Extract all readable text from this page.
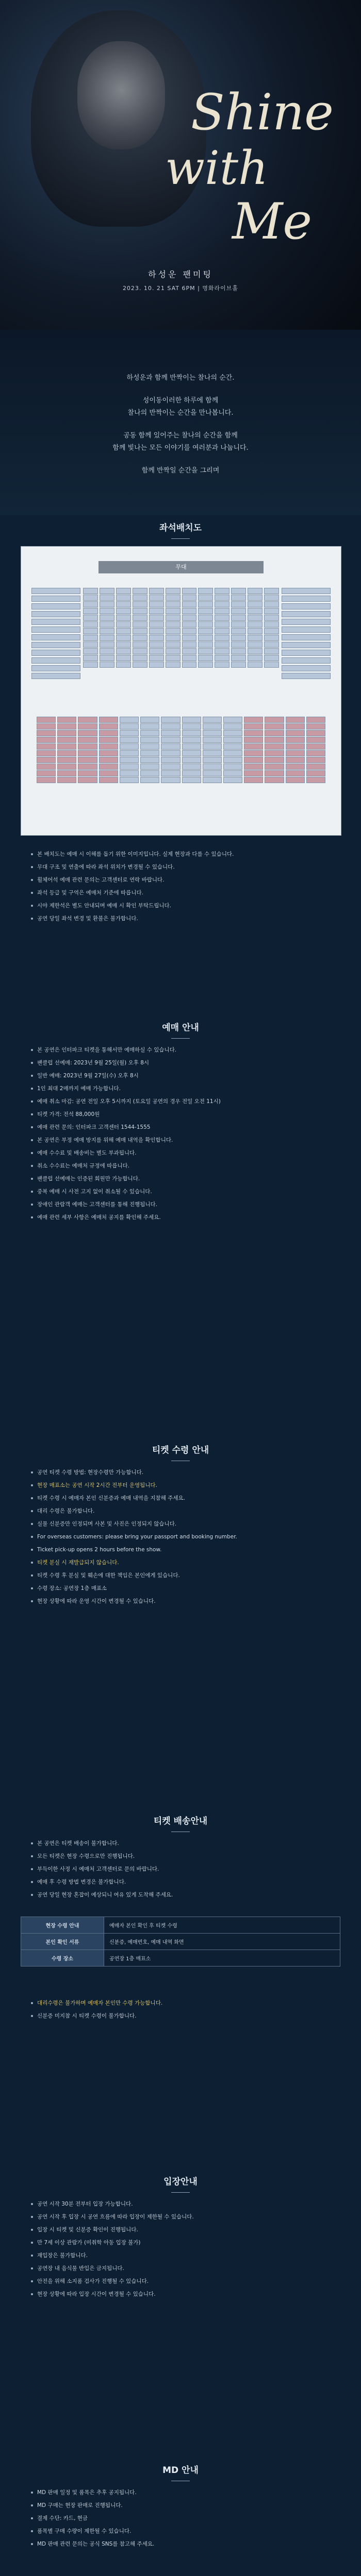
Shine
with
Me
하성운 팬미팅
2023. 10. 21 SAT 6PM | 명화라이브홀

하성운과 함께 반짝이는 찰나의 순간.

성이동이러한 하루에 함께

찰나의 반짝이는 순간을 만나봅니다.

공동 함께 있어주는 찰나의 순간을 함께

함께 빛나는 모든 이야기를 여러분과 나눕니다.

함께 반짝일 순간을 그리며

좌석배치도
무대
본 배치도는 예매 시 이해를 돕기 위한 이미지입니다. 실제 현장과 다를 수 있습니다.
무대 구조 및 연출에 따라 좌석 위치가 변경될 수 있습니다.
휠체어석 예매 관련 문의는 고객센터로 연락 바랍니다.
좌석 등급 및 구역은 예매처 기준에 따릅니다.
시야 제한석은 별도 안내되며 예매 시 확인 부탁드립니다.
공연 당일 좌석 변경 및 환불은 불가합니다.
예매 안내
본 공연은 인터파크 티켓을 통해서만 예매하실 수 있습니다.
팬클럽 선예매: 2023년 9월 25일(월) 오후 8시
일반 예매: 2023년 9월 27일(수) 오후 8시
1인 최대 2매까지 예매 가능합니다.
예매 취소 마감: 공연 전일 오후 5시까지 (토요일 공연의 경우 전일 오전 11시)
티켓 가격: 전석 88,000원
예매 관련 문의: 인터파크 고객센터 1544-1555
본 공연은 부정 예매 방지를 위해 예매 내역을 확인합니다.
예매 수수료 및 배송비는 별도 부과됩니다.
취소 수수료는 예매처 규정에 따릅니다.
팬클럽 선예매는 인증된 회원만 가능합니다.
중복 예매 시 사전 고지 없이 취소될 수 있습니다.
장애인 관람객 예매는 고객센터를 통해 진행됩니다.
예매 관련 세부 사항은 예매처 공지를 확인해 주세요.
티켓 수령 안내
공연 티켓 수령 방법: 현장수령만 가능합니다.
현장 매표소는 공연 시작 2시간 전부터 운영됩니다.
티켓 수령 시 예매자 본인 신분증과 예매 내역을 지참해 주세요.
대리 수령은 불가합니다.
실물 신분증만 인정되며 사본 및 사진은 인정되지 않습니다.
For overseas customers: please bring your passport and booking number.
Ticket pick-up opens 2 hours before the show.
티켓 분실 시 재발급되지 않습니다.
티켓 수령 후 분실 및 훼손에 대한 책임은 본인에게 있습니다.
수령 장소: 공연장 1층 매표소
현장 상황에 따라 운영 시간이 변경될 수 있습니다.
티켓 배송안내
본 공연은 티켓 배송이 불가합니다.
모든 티켓은 현장 수령으로만 진행됩니다.
부득이한 사정 시 예매처 고객센터로 문의 바랍니다.
예매 후 수령 방법 변경은 불가합니다.
공연 당일 현장 혼잡이 예상되니 여유 있게 도착해 주세요.
현장 수령 안내	예매자 본인 확인 후 티켓 수령
본인 확인 서류	신분증, 예매번호, 예매 내역 화면
수령 장소	공연장 1층 매표소
대리수령은 불가하며 예매자 본인만 수령 가능합니다.
신분증 미지참 시 티켓 수령이 불가합니다.
입장안내
공연 시작 30분 전부터 입장 가능합니다.
공연 시작 후 입장 시 공연 흐름에 따라 입장이 제한될 수 있습니다.
입장 시 티켓 및 신분증 확인이 진행됩니다.
만 7세 이상 관람가 (미취학 아동 입장 불가)
재입장은 불가합니다.
공연장 내 음식물 반입은 금지됩니다.
안전을 위해 소지품 검사가 진행될 수 있습니다.
현장 상황에 따라 입장 시간이 변경될 수 있습니다.
MD 안내
MD 판매 일정 및 품목은 추후 공지됩니다.
MD 구매는 현장 판매로 진행됩니다.
결제 수단: 카드, 현금
품목별 구매 수량이 제한될 수 있습니다.
MD 판매 관련 문의는 공식 SNS를 참고해 주세요.
